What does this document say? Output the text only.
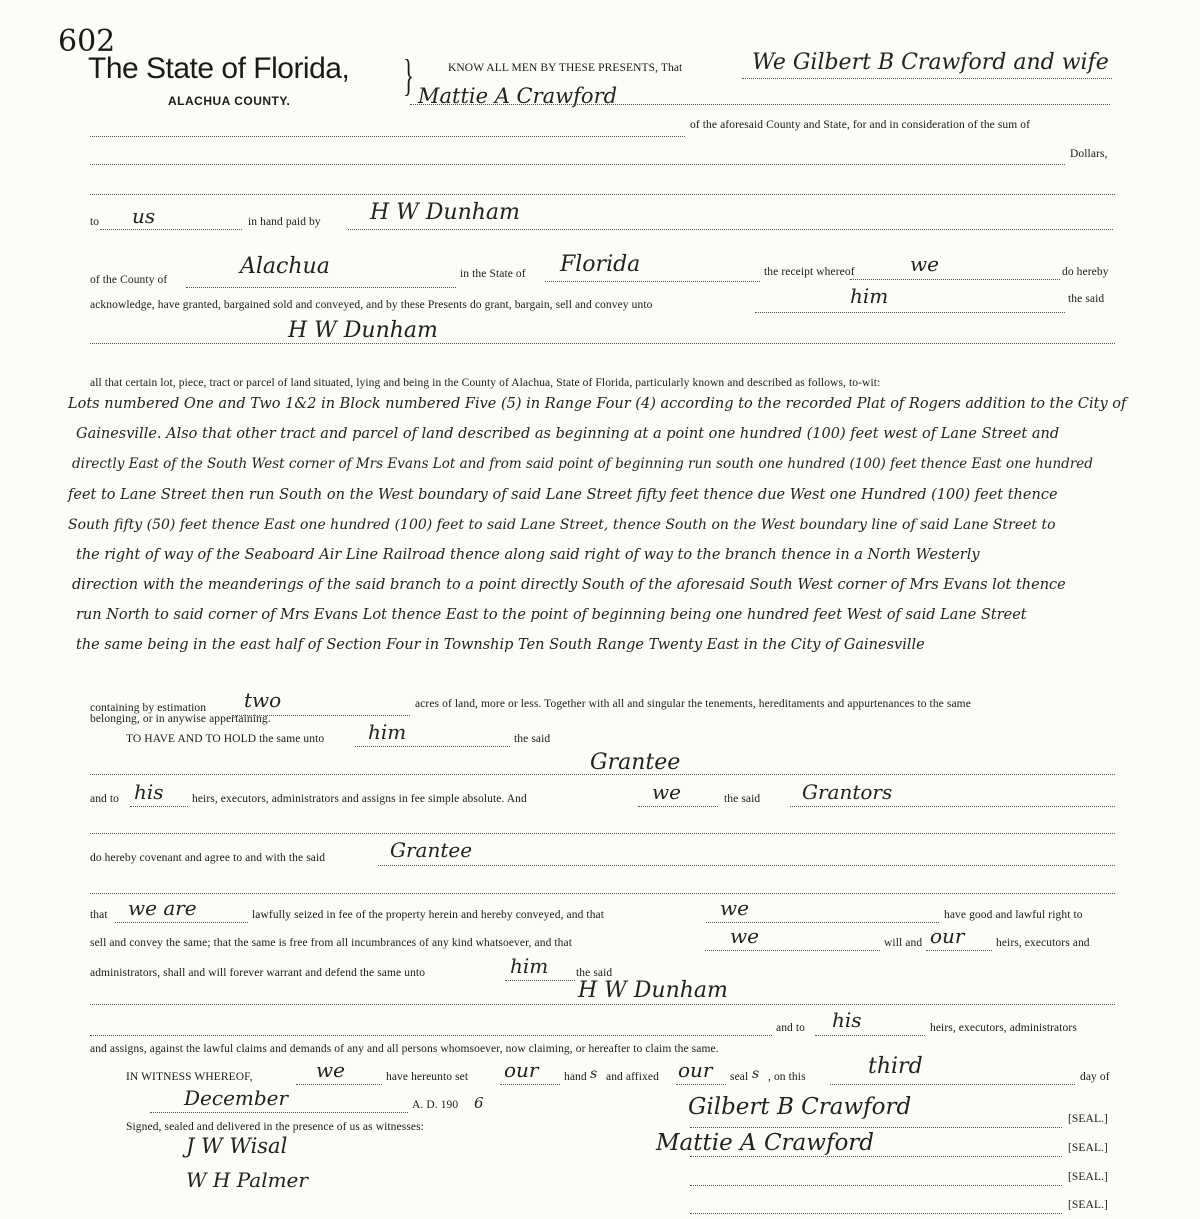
602
The State of Florida,
ALACHUA COUNTY.
}	KNOW ALL MEN BY THESE PRESENTS, That	We Gilbert B Crawford and wife
Mattie A Crawford
of the aforesaid County and State, for and in consideration of the sum of
Dollars,
to us	in hand paid by H W Dunham
of the County of
Alachua	in the State of Florida	the receipt whereof	we	do hereby
acknowledge, have granted, bargained sold and conveyed, and by these Presents do grant, bargain, sell and convey unto	him	the said
H W Dunham
all that certain lot, piece, tract or parcel of land situated, lying and being in the County of Alachua, State of Florida, particularly known and described as follows, to-wit:
Lots numbered One and Two 1&2 in Block numbered Five (5) in Range Four (4) according to the recorded Plat of Rogers addition to the City of
Gainesville. Also that other tract and parcel of land described as beginning at a point one hundred (100) feet west of Lane Street and
directly East of the South West corner of Mrs Evans Lot and from said point of beginning run south one hundred (100) feet thence East one hundred
feet to Lane Street then run South on the West boundary of said Lane Street fifty feet thence due West one Hundred (100) feet thence
South fifty (50) feet thence East one hundred (100) feet to said Lane Street, thence South on the West boundary line of said Lane Street to
the right of way of the Seaboard Air Line Railroad thence along said right of way to the branch thence in a North Westerly
direction with the meanderings of the said branch to a point directly South of the aforesaid South West corner of Mrs Evans lot thence
run North to said corner of Mrs Evans Lot thence East to the point of beginning being one hundred feet West of said Lane Street
the same being in the east half of Section Four in Township Ten South Range Twenty East in the City of Gainesville
containing by estimation two	acres of land, more or less. Together with all and singular the tenements, hereditaments and appurtenances to the same
belonging, or in anywise appertaining.
TO HAVE AND TO HOLD the same unto him	the said
Grantee
and to his heirs, executors, administrators and assigns in fee simple absolute. And	we	the said Grantors
do hereby covenant and agree to and with the said	Grantee
that we are	lawfully seized in fee of the property herein and hereby conveyed, and that	we	have good and lawful right to
sell and convey the same; that the same is free from all incumbrances of any kind whatsoever, and that	we	will and our	heirs, executors and
administrators, shall and will forever warrant and defend the same unto	him the said
H W Dunham
and to his	heirs, executors, administrators
and assigns, against the lawful claims and demands of any and all persons whomsoever, now claiming, or hereafter to claim the same.
IN WITNESS WHEREOF,	we	have hereunto set our hand s and affixed our seal s , on this	third	day of
December	A. D. 190 6
Signed, sealed and delivered in the presence of us as witnesses:
J W Wisal
W H Palmer
Gilbert B Crawford
Mattie A Crawford
[SEAL.]
[SEAL.]
[SEAL.]
[SEAL.]
